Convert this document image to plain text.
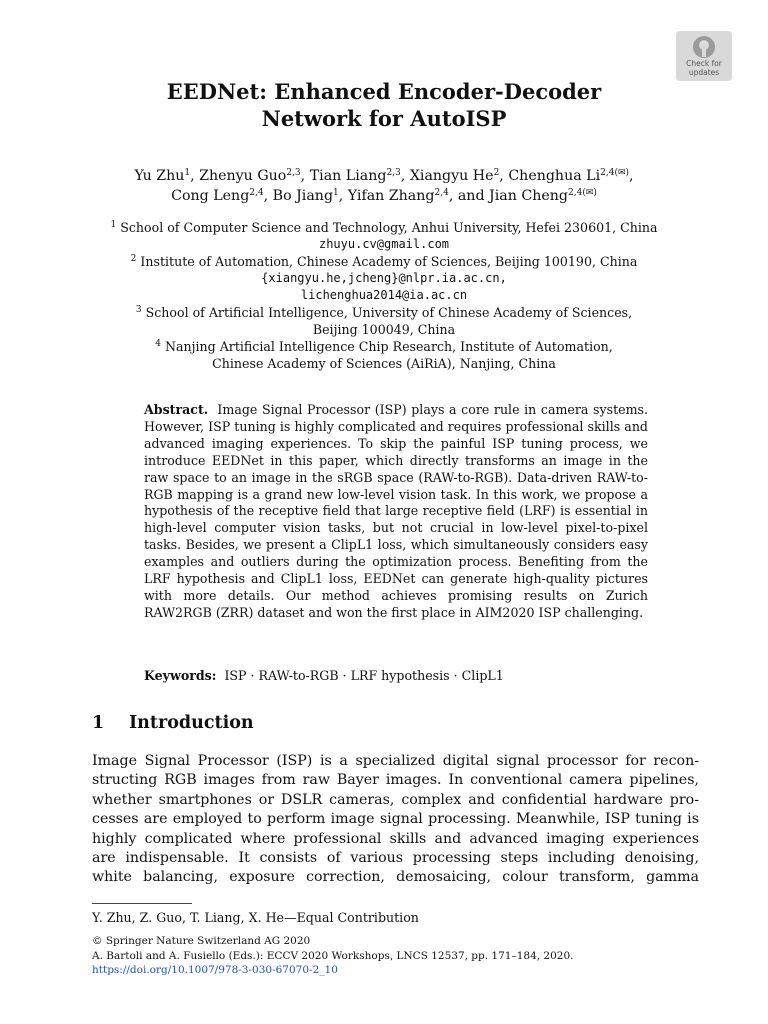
Check for updates
EEDNet: Enhanced Encoder-Decoder
Network for AutoISP
Yu Zhu$^1$, Zhenyu Guo$^{2,3}$, Tian Liang$^{2,3}$, Xiangyu He$^2$, Chenghua $Li^{2,4(✉)}$,
Cong Leng$^{2,4}$, Bo Jiang$^1$, Yifan Zhang$^{2,4}$, and Jian Cheng$^{2,4(✉)}$
$^1$ School of Computer Science and Technology, Anhui University, Hefei 230601, China
zhuyu.cv@gmail.com
$^2$ Institute of Automation, Chinese Academy of Sciences, Beijing 100190, China
{xiangyu.he,jcheng}@nlpr.ia.ac.cn,
lichenghua2014@ia.ac.cn
$^3$ School of Artificial Intelligence, University of Chinese Academy of Sciences,
Beijing 100049, China
$^4$ Nanjing Artificial Intelligence Chip Research, Institute of Automation,
Chinese Academy of Sciences (AiRiA), Nanjing, China
Abstract. Image Signal Processor (ISP) plays a core rule in camera systems. However, ISP tuning is highly complicated and requires professional skills and advanced imaging experiences. To skip the painful ISP tuning process, we introduce EEDNet in this paper, which directly transforms an image in the raw space to an image in the sRGB space (RAW-to-RGB). Data-driven RAW-to-RGB mapping is a grand new low-level vision task. In this work, we propose a hypothesis of the receptive field that large receptive field (LRF) is essential in high-level computer vision tasks, but not crucial in low-level pixel-to-pixel tasks. Besides, we present a ClipL1 loss, which simultaneously considers easy examples and outliers during the optimization process. Benefiting from the LRF hypothesis and ClipL1 loss, EEDNet can generate high-quality pictures with more details. Our method achieves promising results on Zurich RAW2RGB (ZRR) dataset and won the first place in AIM2020 ISP challenging.
Keywords: ISP · RAW-to-RGB · LRF hypothesis · ClipL1
1 Introduction
Image Signal Processor (ISP) is a specialized digital signal processor for recon-
structing RGB images from raw Bayer images. In conventional camera pipelines,
whether smartphones or DSLR cameras, complex and confidential hardware pro-
cesses are employed to perform image signal processing. Meanwhile, ISP tuning is
highly complicated where professional skills and advanced imaging experiences
are indispensable. It consists of various processing steps including denoising,
white balancing, exposure correction, demosaicing, colour transform, gamma
Y. Zhu, Z. Guo, T. Liang, X. He—Equal Contribution
© Springer Nature Switzerland AG 2020
A. Bartoli and A. Fusiello (Eds.): ECCV 2020 Workshops, LNCS 12537, pp. 171–184, 2020.
https://doi.org/10.1007/978-3-030-67070-2_10
